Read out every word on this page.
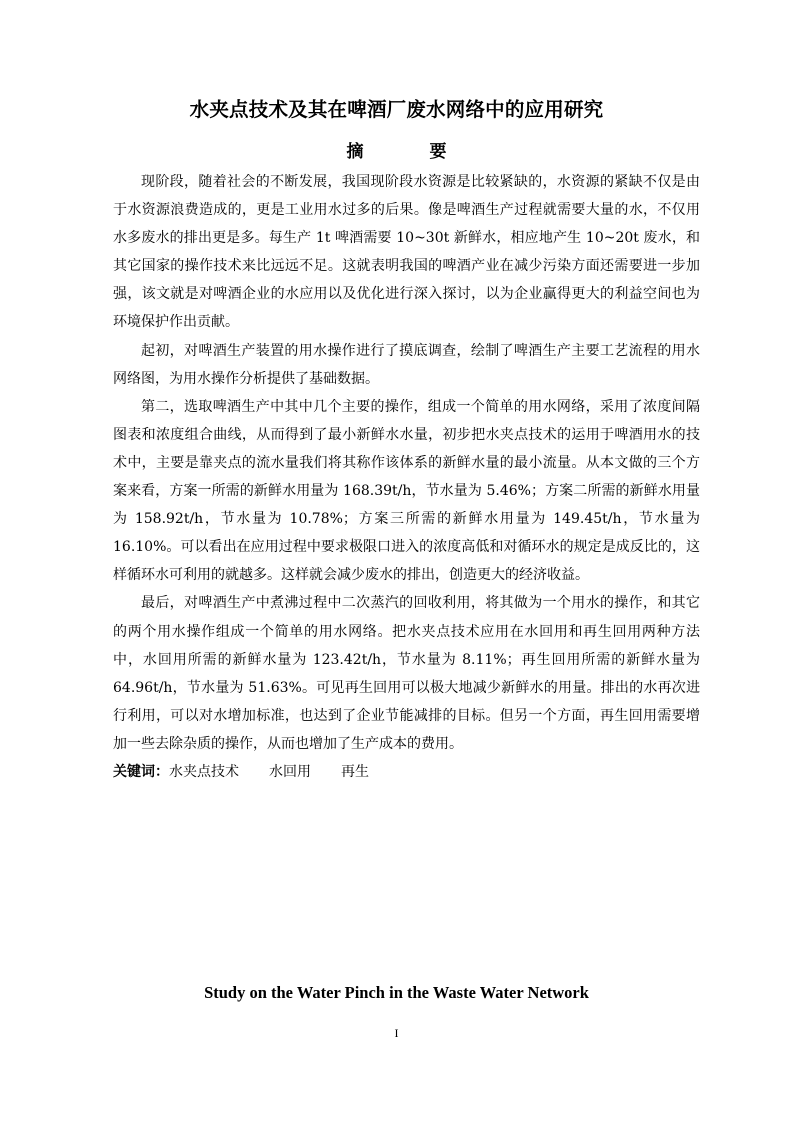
水夹点技术及其在啤酒厂废水网络中的应用研究
摘 要

现阶段，随着社会的不断发展，我国现阶段水资源是比较紧缺的，水资源的紧缺不仅是由于水资源浪费造成的，更是工业用水过多的后果。像是啤酒生产过程就需要大量的水，不仅用水多废水的排出更是多。每生产 1t 啤酒需要 10~30t 新鲜水，相应地产生 10~20t 废水，和其它国家的操作技术来比远远不足。这就表明我国的啤酒产业在减少污染方面还需要进一步加强，该文就是对啤酒企业的水应用以及优化进行深入探讨，以为企业赢得更大的利益空间也为环境保护作出贡献。

起初，对啤酒生产装置的用水操作进行了摸底调查，绘制了啤酒生产主要工艺流程的用水网络图，为用水操作分析提供了基础数据。

第二，选取啤酒生产中其中几个主要的操作，组成一个简单的用水网络，采用了浓度间隔图表和浓度组合曲线，从而得到了最小新鲜水水量，初步把水夹点技术的运用于啤酒用水的技术中，主要是靠夹点的流水量我们将其称作该体系的新鲜水量的最小流量。从本文做的三个方案来看，方案一所需的新鲜水用量为 168.39t/h，节水量为 5.46%；方案二所需的新鲜水用量为 158.92t/h，节水量为 10.78%；方案三所需的新鲜水用量为 149.45t/h，节水量为 16.10%。可以看出在应用过程中要求极限口进入的浓度高低和对循环水的规定是成反比的，这样循环水可利用的就越多。这样就会减少废水的排出，创造更大的经济收益。

最后，对啤酒生产中煮沸过程中二次蒸汽的回收利用，将其做为一个用水的操作，和其它的两个用水操作组成一个简单的用水网络。把水夹点技术应用在水回用和再生回用两种方法中，水回用所需的新鲜水量为 123.42t/h，节水量为 8.11%；再生回用所需的新鲜水量为 64.96t/h，节水量为 51.63%。可见再生回用可以极大地减少新鲜水的用量。排出的水再次进行利用，可以对水增加标准，也达到了企业节能减排的目标。但另一个方面，再生回用需要增加一些去除杂质的操作，从而也增加了生产成本的费用。

关键词：水夹点技术 水回用 再生

Study on the Water Pinch in the Waste Water Network
I
